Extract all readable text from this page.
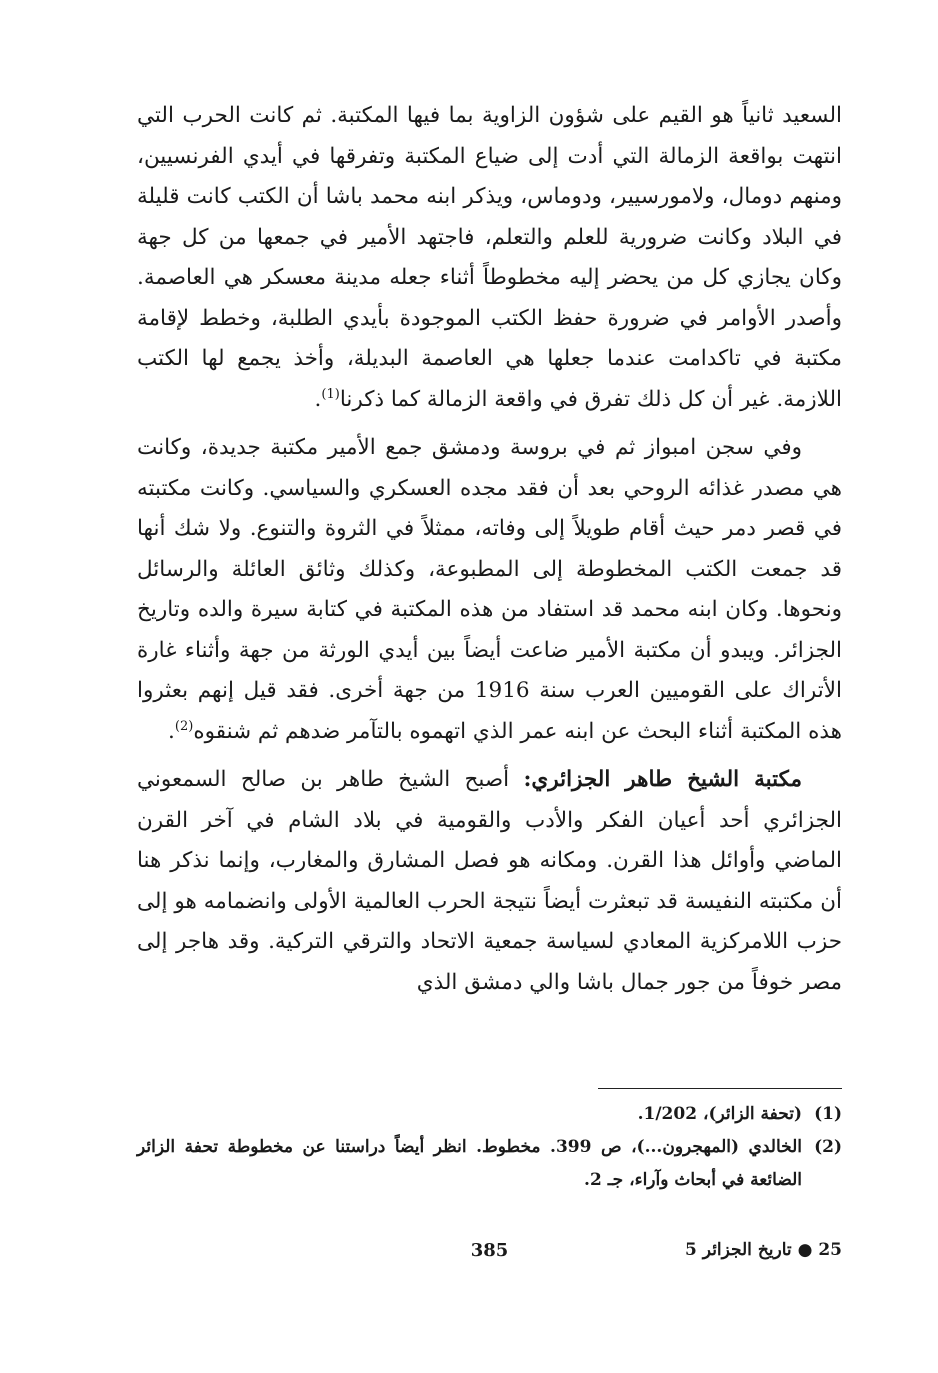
السعيد ثانياً هو القيم على شؤون الزاوية بما فيها المكتبة. ثم كانت الحرب التي انتهت بواقعة الزمالة التي أدت إلى ضياع المكتبة وتفرقها في أيدي الفرنسيين، ومنهم دومال، ولامورسيير، ودوماس، ويذكر ابنه محمد باشا أن الكتب كانت قليلة في البلاد وكانت ضرورية للعلم والتعلم، فاجتهد الأمير في جمعها من كل جهة وكان يجازي كل من يحضر إليه مخطوطاً أثناء جعله مدينة معسكر هي العاصمة. وأصدر الأوامر في ضرورة حفظ الكتب الموجودة بأيدي الطلبة، وخطط لإقامة مكتبة في تاكدامت عندما جعلها هي العاصمة البديلة، وأخذ يجمع لها الكتب اللازمة. غير أن كل ذلك تفرق في واقعة الزمالة كما ذكرنا$^{(1)}$.

وفي سجن امبواز ثم في بروسة ودمشق جمع الأمير مكتبة جديدة، وكانت هي مصدر غذائه الروحي بعد أن فقد مجده العسكري والسياسي. وكانت مكتبته في قصر دمر حيث أقام طويلاً إلى وفاته، ممثلاً في الثروة والتنوع. ولا شك أنها قد جمعت الكتب المخطوطة إلى المطبوعة، وكذلك وثائق العائلة والرسائل ونحوها. وكان ابنه محمد قد استفاد من هذه المكتبة في كتابة سيرة والده وتاريخ الجزائر. ويبدو أن مكتبة الأمير ضاعت أيضاً بين أيدي الورثة من جهة وأثناء غارة الأتراك على القوميين العرب سنة 1916 من جهة أخرى. فقد قيل إنهم بعثروا هذه المكتبة أثناء البحث عن ابنه عمر الذي اتهموه بالتآمر ضدهم ثم شنقوه$^{(2)}$.

مكتبة الشيخ طاهر الجزائري: أصبح الشيخ طاهر بن صالح السمعوني الجزائري أحد أعيان الفكر والأدب والقومية في بلاد الشام في آخر القرن الماضي وأوائل هذا القرن. ومكانه هو فصل المشارق والمغارب، وإنما نذكر هنا أن مكتبته النفيسة قد تبعثرت أيضاً نتيجة الحرب العالمية الأولى وانضمامه هو إلى حزب اللامركزية المعادي لسياسة جمعية الاتحاد والترقي التركية. وقد هاجر إلى مصر خوفاً من جور جمال باشا والي دمشق الذي

(1)
(تحفة الزائر)، 1/202.
(2)
الخالدي (المهجرون...)، ص 399. مخطوط. انظر أيضاً دراستنا عن مخطوطة تحفة الزائر الضائعة في أبحاث وآراء، جـ 2.
25 ● تاريخ الجزائر 5
385
